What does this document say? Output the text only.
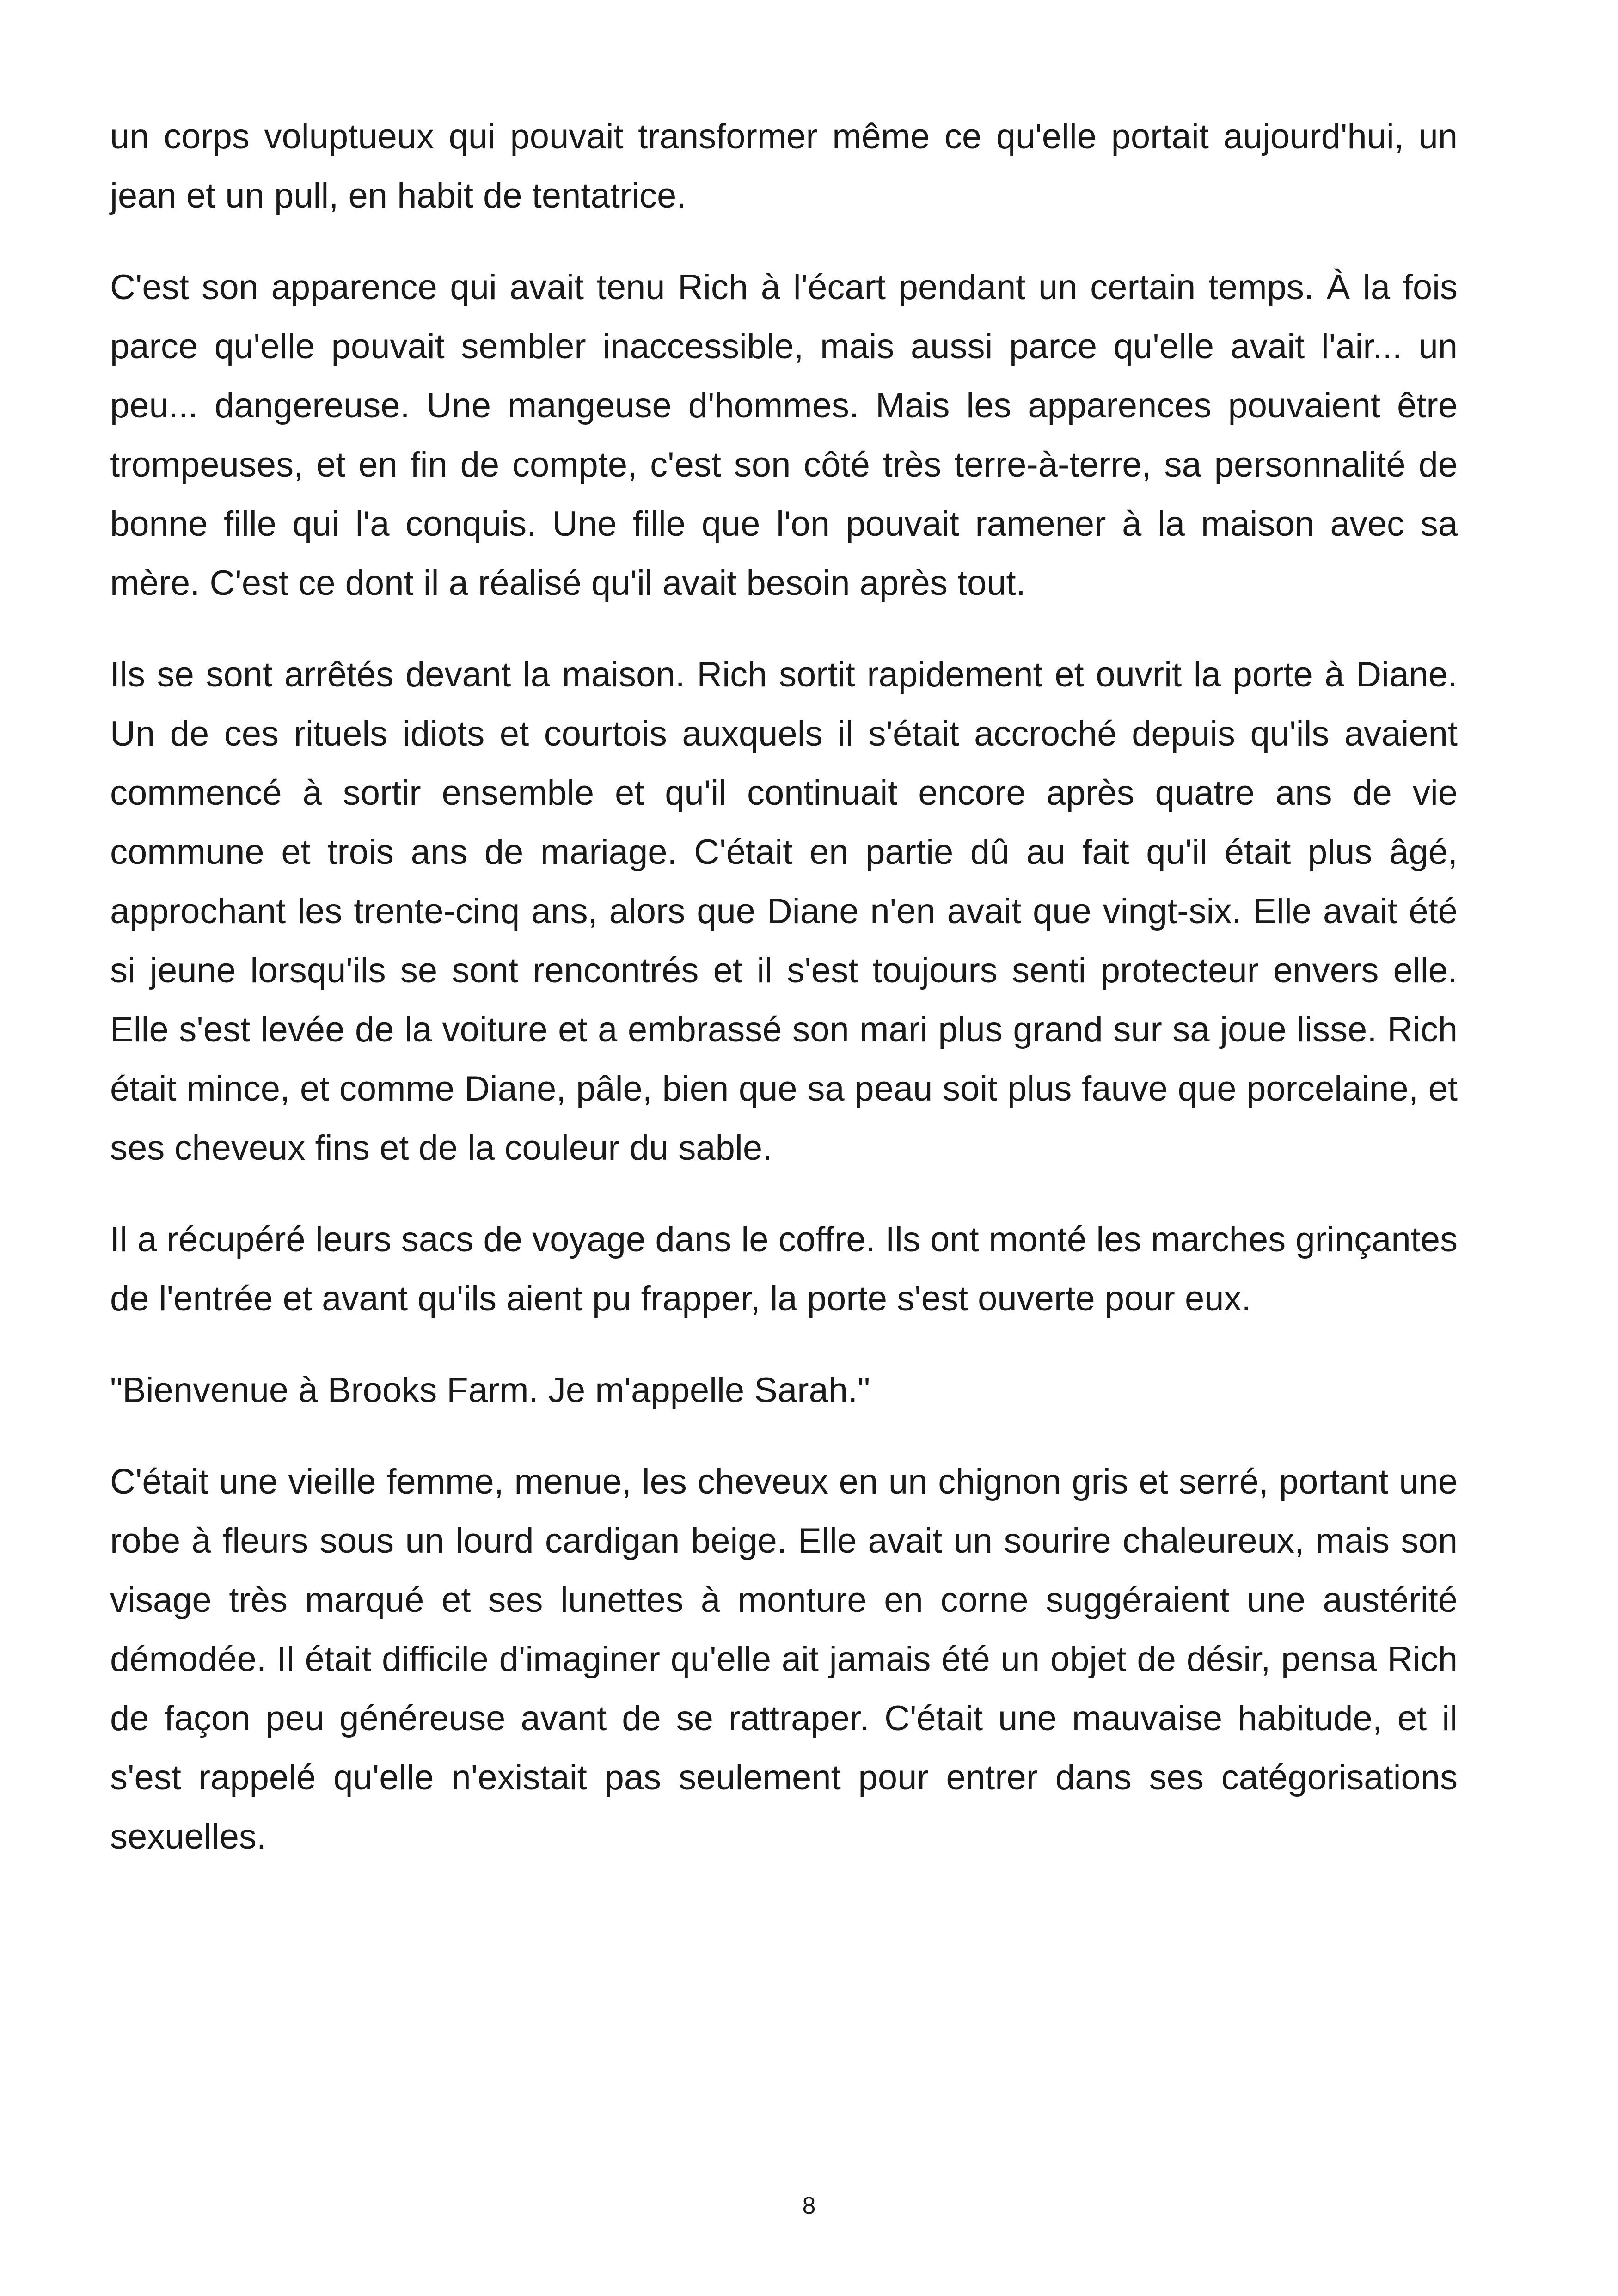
un corps voluptueux qui pouvait transformer même ce qu'elle portait aujourd'hui, un jean et un pull, en habit de tentatrice.

C'est son apparence qui avait tenu Rich à l'écart pendant un certain temps. À la fois parce qu'elle pouvait sembler inaccessible, mais aussi parce qu'elle avait l'air... un peu... dangereuse. Une mangeuse d'hommes. Mais les apparences pouvaient être trompeuses, et en fin de compte, c'est son côté très terre-à-terre, sa personnalité de bonne fille qui l'a conquis. Une fille que l'on pouvait ramener à la maison avec sa mère. C'est ce dont il a réalisé qu'il avait besoin après tout.

Ils se sont arrêtés devant la maison. Rich sortit rapidement et ouvrit la porte à Diane. Un de ces rituels idiots et courtois auxquels il s'était accroché depuis qu'ils avaient commencé à sortir ensemble et qu'il continuait encore après quatre ans de vie commune et trois ans de mariage. C'était en partie dû au fait qu'il était plus âgé, approchant les trente-cinq ans, alors que Diane n'en avait que vingt-six. Elle avait été si jeune lorsqu'ils se sont rencontrés et il s'est toujours senti protecteur envers elle. Elle s'est levée de la voiture et a embrassé son mari plus grand sur sa joue lisse. Rich était mince, et comme Diane, pâle, bien que sa peau soit plus fauve que porcelaine, et ses cheveux fins et de la couleur du sable.

Il a récupéré leurs sacs de voyage dans le coffre. Ils ont monté les marches grinçantes de l'entrée et avant qu'ils aient pu frapper, la porte s'est ouverte pour eux.

"Bienvenue à Brooks Farm. Je m'appelle Sarah."

C'était une vieille femme, menue, les cheveux en un chignon gris et serré, portant une robe à fleurs sous un lourd cardigan beige. Elle avait un sourire chaleureux, mais son visage très marqué et ses lunettes à monture en corne suggéraient une austérité démodée. Il était difficile d'imaginer qu'elle ait jamais été un objet de désir, pensa Rich de façon peu généreuse avant de se rattraper. C'était une mauvaise habitude, et il s'est rappelé qu'elle n'existait pas seulement pour entrer dans ses catégorisations sexuelles.

8
